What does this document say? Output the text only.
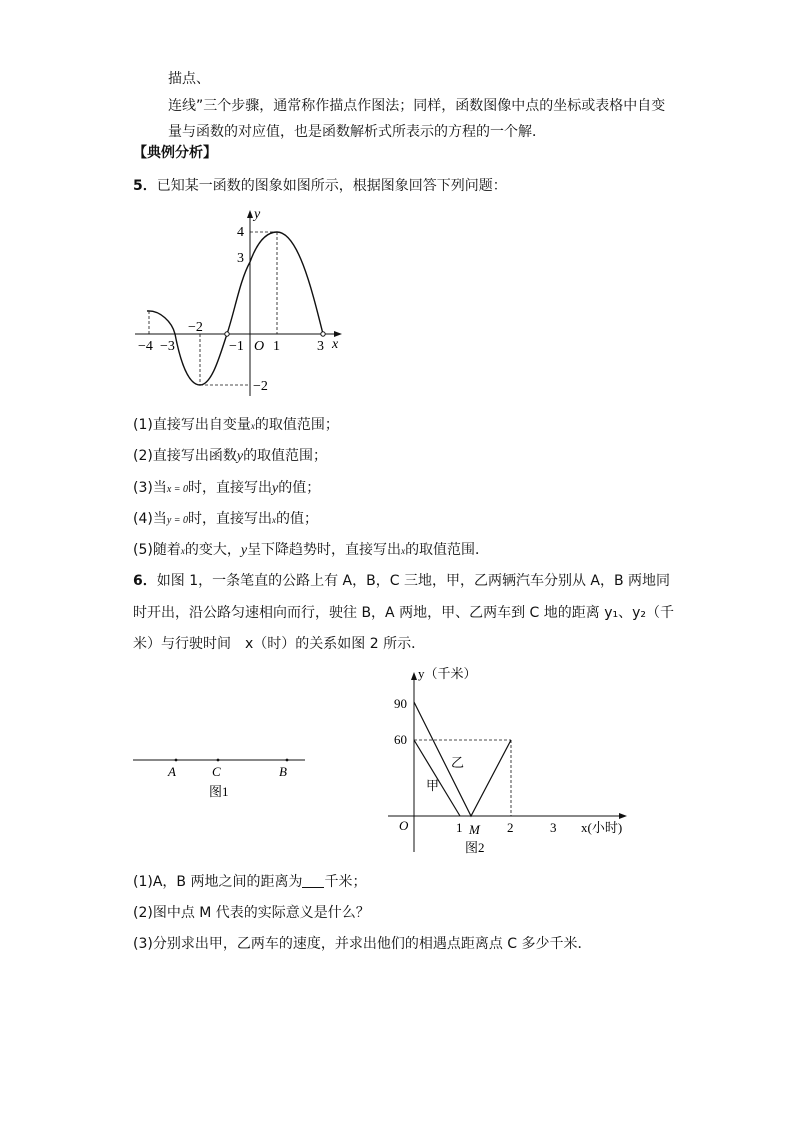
描点、
连线”三个步骤，通常称作描点作图法；同样，函数图像中点的坐标或表格中自变
量与函数的对应值，也是函数解析式所表示的方程的一个解．
【典例分析】
5．已知某一函数的图象如图所示，根据图象回答下列问题：
y
x
4
3
−2
−2
−4 −3	−1 O 1	3
(1)直接写出自变量x的取值范围；
(2)直接写出函数y的取值范围；
(3)当x = 0时，直接写出y的值；
(4)当y = 0时，直接写出x的值；
(5)随着x的变大，y呈下降趋势时，直接写出x的取值范围．
6．如图 1，一条笔直的公路上有 A，B，C 三地，甲，乙两辆汽车分别从 A，B 两地同
时开出，沿公路匀速相向而行，驶往 B，A 两地，甲、乙两车到 C 地的距离 y₁、y₂（千
米）与行驶时间　x（时）的关系如图 2 所示．
A	C	B
图1
y（千米）
90
60
O	1 M 2	3 x(小时)
甲
乙
图2
(1)A，B 两地之间的距离为 千米；
(2)图中点 M 代表的实际意义是什么？
(3)分别求出甲，乙两车的速度，并求出他们的相遇点距离点 C 多少千米．
